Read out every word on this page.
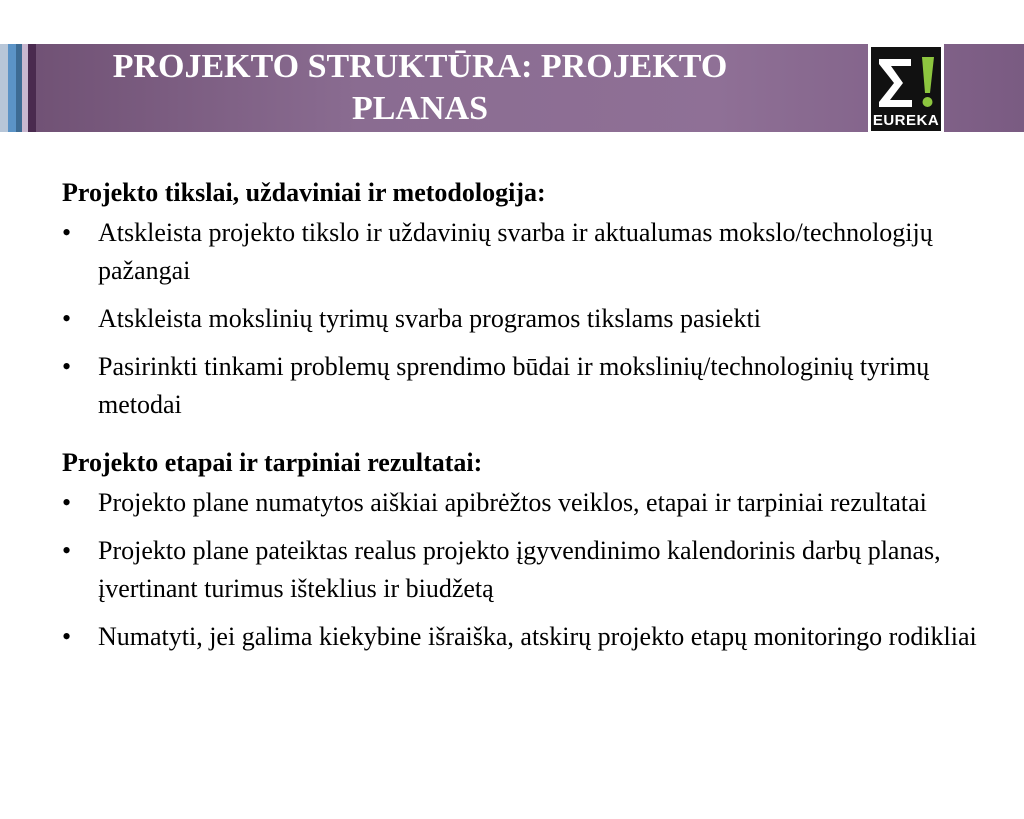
PROJEKTO STRUKTŪRA: PROJEKTO PLANAS	EUREKA

Projekto tikslai, uždaviniai ir metodologija:

• Atskleista projekto tikslo ir uždavinių svarba ir aktualumas mokslo/technologijų pažangai
• Atskleista mokslinių tyrimų svarba programos tikslams pasiekti
• Pasirinkti tinkami problemų sprendimo būdai ir mokslinių/technologinių tyrimų metodai

Projekto etapai ir tarpiniai rezultatai:

• Projekto plane numatytos aiškiai apibrėžtos veiklos, etapai ir tarpiniai rezultatai
• Projekto plane pateiktas realus projekto įgyvendinimo kalendorinis darbų planas, įvertinant turimus išteklius ir biudžetą
• Numatyti, jei galima kiekybine išraiška, atskirų projekto etapų monitoringo rodikliai
